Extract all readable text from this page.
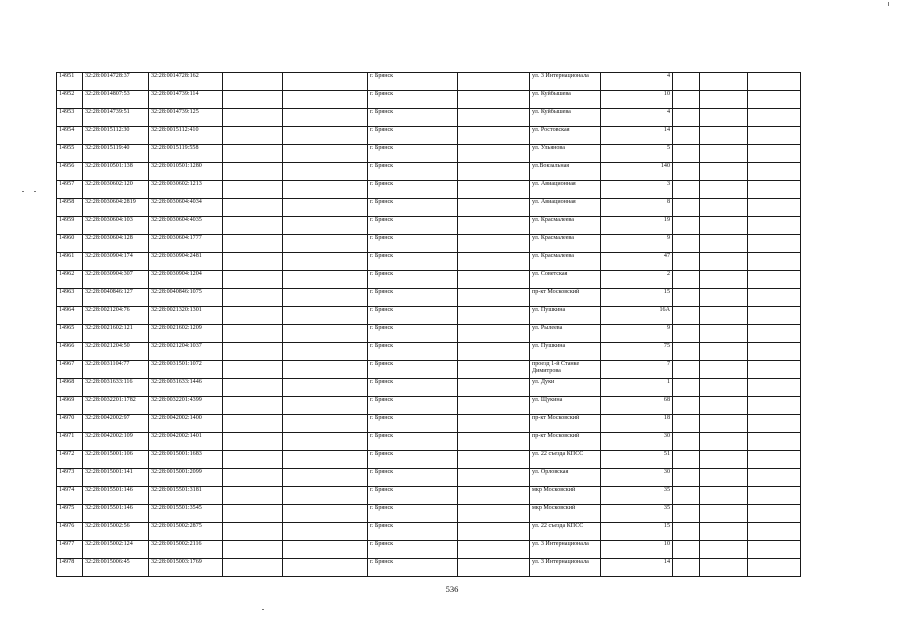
14951	32:28:0014728:37	32:28:0014728:162			г. Брянск		ул. 3 Интернационала	4			
14952	32:28:0014807:53	32:28:0014739:114			г. Брянск		ул. Куйбышева	10			
14953	32:28:0014739:51	32:28:0014739:125			г. Брянск		ул. Куйбышева	4			
14954	32:28:0015112:30	32:28:0015112:410			г. Брянск		ул. Ростовская	14			
14955	32:28:0015119:40	32:28:0015119:558			г. Брянск		ул. Ульянова	5			
14956	32:28:0010501:138	32:28:0010501:1280			г. Брянск		ул.Вокзальная	140			
14957	32:28:0030602:120	32:28:0030602:1213			г. Брянск		ул. Авиационная	3			
14958	32:28:0030604:2819	32:28:0030604:4034			г. Брянск		ул. Авиационная	8			
14959	32:28:0030604:103	32:28:0030604:4035			г. Брянск		ул. Красмалеева	19			
14960	32:28:0030604:128	32:28:0030604:1777			г. Брянск		ул. Красмалеева	9			
14961	32:28:0030904:174	32:28:0030904:2481			г. Брянск		ул. Красмалеева	47			
14962	32:28:0030904:307	32:28:0030904:1204			г. Брянск		ул. Советская	2			
14963	32:28:0040846:127	32:28:0040846:1075			г. Брянск		пр-кт Московский	15			
14964	32:28:0021204:76	32:28:0021320:1301			г. Брянск		ул. Пушкина	16А			
14965	32:28:0021602:121	32:28:0021602:1209			г. Брянск		ул. Рылеева	9			
14966	32:28:0021204:50	32:28:0021204:1037			г. Брянск		ул. Пушкина	75			
14967	32:28:0031104:77	32:28:0031501:1072			г. Брянск		проезд 1-й Станке Димитрова	7			
14968	32:28:0031633:116	32:28:0031633:1446			г. Брянск		ул. Дуки	1			
14969	32:28:0032201:1782	32:28:0032201:4399			г. Брянск		ул. Щукина	68			
14970	32:28:0042002:97	32:28:0042002:1400			г. Брянск		пр-кт Московский	18			
14971	32:28:0042002:109	32:28:0042002:1401			г. Брянск		пр-кт Московский	30			
14972	32:28:0015001:106	32:28:0015001:1683			г. Брянск		ул. 22 съезда КПСС	51			
14973	32:28:0015001:141	32:28:0015001:2099			г. Брянск		ул. Орловская	30			
14974	32:28:0015501:146	32:28:0015501:3181			г. Брянск		мкр Московский	35			
14975	32:28:0015501:146	32:28:0015501:3545			г. Брянск		мкр Московский	35			
14976	32:28:0015002:56	32:28:0015002:2875			г. Брянск		ул. 22 съезда КПСС	15			
14977	32:28:0015002:124	32:28:0015002:2116			г. Брянск		ул. 3 Интернационала	10			
14978	32:28:0015006:45	32:28:0015003:1769			г. Брянск		ул. 3 Интернационала	14			
536
